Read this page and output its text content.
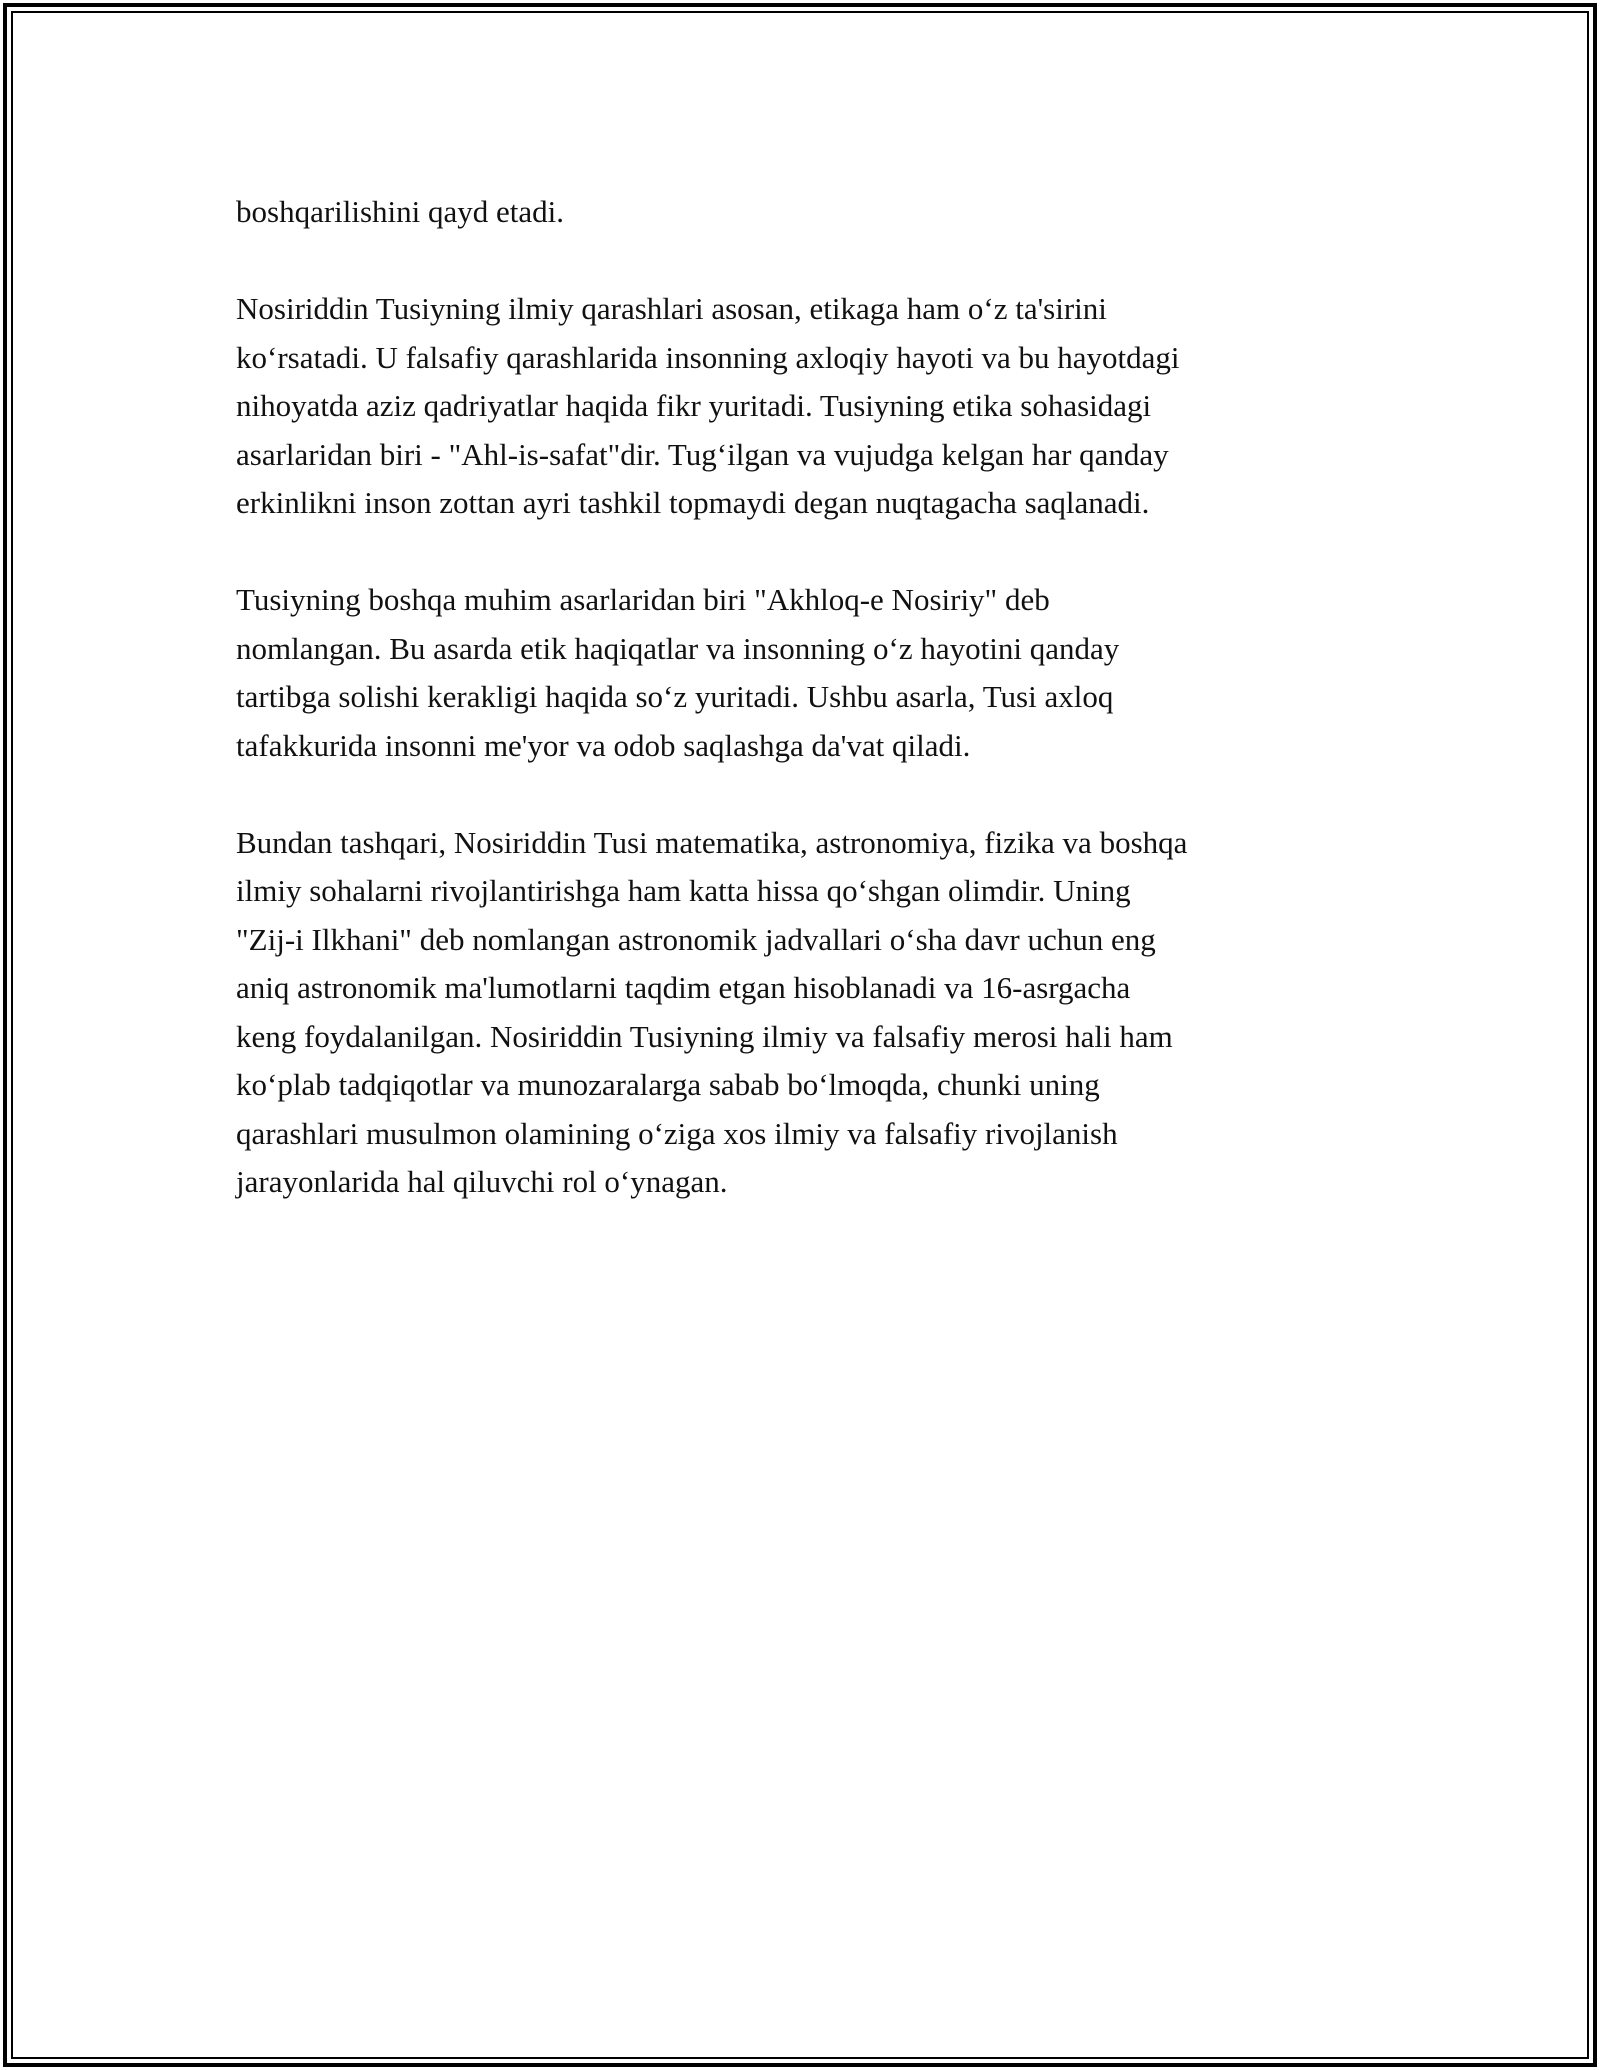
boshqarilishini qayd etadi.

Nosiriddin Tusiyning ilmiy qarashlari asosan, etikaga ham o‘z ta'sirini
ko‘rsatadi. U falsafiy qarashlarida insonning axloqiy hayoti va bu hayotdagi
nihoyatda aziz qadriyatlar haqida fikr yuritadi. Tusiyning etika sohasidagi
asarlaridan biri - "Ahl-is-safat"dir. Tug‘ilgan va vujudga kelgan har qanday
erkinlikni inson zottan ayri tashkil topmaydi degan nuqtagacha saqlanadi.

Tusiyning boshqa muhim asarlaridan biri "Akhloq-e Nosiriy" deb
nomlangan. Bu asarda etik haqiqatlar va insonning o‘z hayotini qanday
tartibga solishi kerakligi haqida so‘z yuritadi. Ushbu asarla, Tusi axloq
tafakkurida insonni me'yor va odob saqlashga da'vat qiladi.

Bundan tashqari, Nosiriddin Tusi matematika, astronomiya, fizika va boshqa
ilmiy sohalarni rivojlantirishga ham katta hissa qo‘shgan olimdir. Uning
"Zij-i Ilkhani" deb nomlangan astronomik jadvallari o‘sha davr uchun eng
aniq astronomik ma'lumotlarni taqdim etgan hisoblanadi va 16-asrgacha
keng foydalanilgan. Nosiriddin Tusiyning ilmiy va falsafiy merosi hali ham
ko‘plab tadqiqotlar va munozaralarga sabab bo‘lmoqda, chunki uning
qarashlari musulmon olamining o‘ziga xos ilmiy va falsafiy rivojlanish
jarayonlarida hal qiluvchi rol o‘ynagan.
